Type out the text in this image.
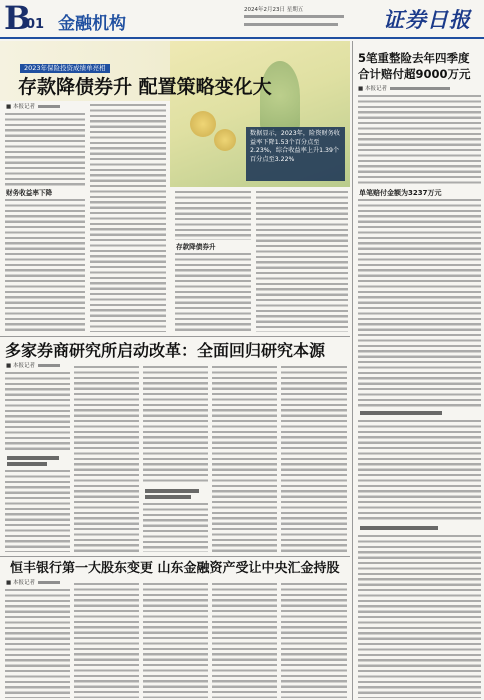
B
01 金融机构
2024年2月23日 星期五	证券日报
2023年保险投资成绩单亮相
存款降债券升 配置策略变化大
数据显示，2023年，险资财务收益率下降1.53个百分点至2.23%，综合收益率上升1.39个百分点至3.22%
■ 本报记者
财务收益率下降
存款降债券升
多家券商研究所启动改革：全面回归研究本源
■ 本报记者
恒丰银行第一大股东变更 山东金融资产受让中央汇金持股
■ 本报记者
5笔重整险去年四季度
合计赔付超9000万元
■ 本报记者
单笔赔付金额为3237万元
